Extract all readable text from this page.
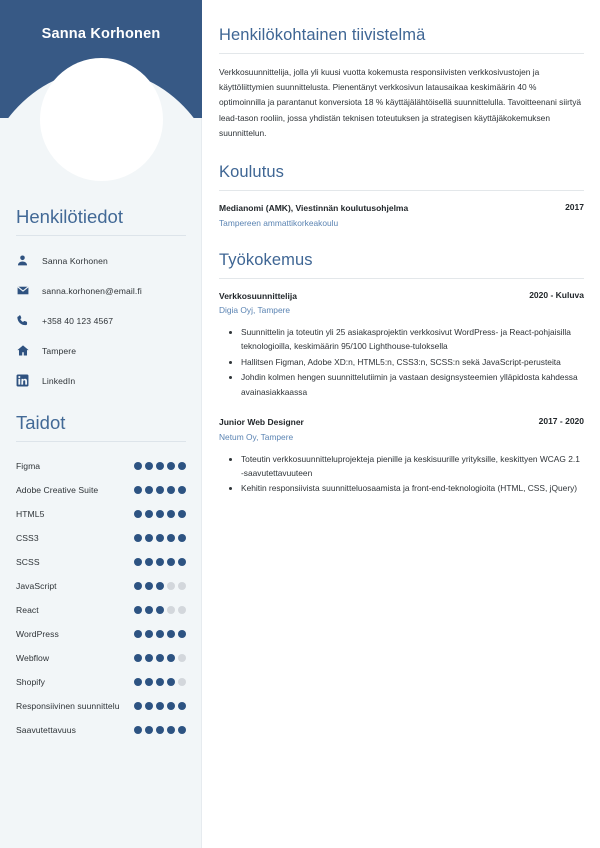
Sanna Korhonen
Henkilötiedot
Sanna Korhonen
sanna.korhonen@email.fi
+358 40 123 4567
Tampere
LinkedIn
Taidot
Figma
Adobe Creative Suite
HTML5
CSS3
SCSS
JavaScript
React
WordPress
Webflow
Shopify
Responsiivinen suunnittelu
Saavutettavuus
Henkilökohtainen tiivistelmä

Verkkosuunnittelija, jolla yli kuusi vuotta kokemusta responsiivisten verkkosivustojen ja käyttöliittymien suunnittelusta. Pienentänyt verkkosivun latausaikaa keskimäärin 40 % optimoinnilla ja parantanut konversiota 18 % käyttäjälähtöisellä suunnittelulla. Tavoitteenani siirtyä lead-tason rooliin, jossa yhdistän teknisen toteutuksen ja strategisen käyttäjäkokemuksen suunnittelun.

Koulutus
Medianomi (AMK), Viestinnän koulutusohjelma	2017
Tampereen ammattikorkeakoulu
Työkokemus
Verkkosuunnittelija	2020 - Kuluva
Digia Oyj, Tampere
• Suunnittelin ja toteutin yli 25 asiakasprojektin verkkosivut WordPress- ja React-pohjaisilla teknologioilla, keskimäärin 95/100 Lighthouse-tuloksella
• Hallitsen Figman, Adobe XD:n, HTML5:n, CSS3:n, SCSS:n sekä JavaScript-perusteita
• Johdin kolmen hengen suunnittelutiimin ja vastaan designsysteemien ylläpidosta kahdessa avainasiakkaassa
Junior Web Designer	2017 - 2020
Netum Oy, Tampere
• Toteutin verkkosuunnitteluprojekteja pienille ja keskisuurille yrityksille, keskittyen WCAG 2.1 -saavutettavuuteen
• Kehitin responsiivista suunnitteluosaamista ja front-end-teknologioita (HTML, CSS, jQuery)
